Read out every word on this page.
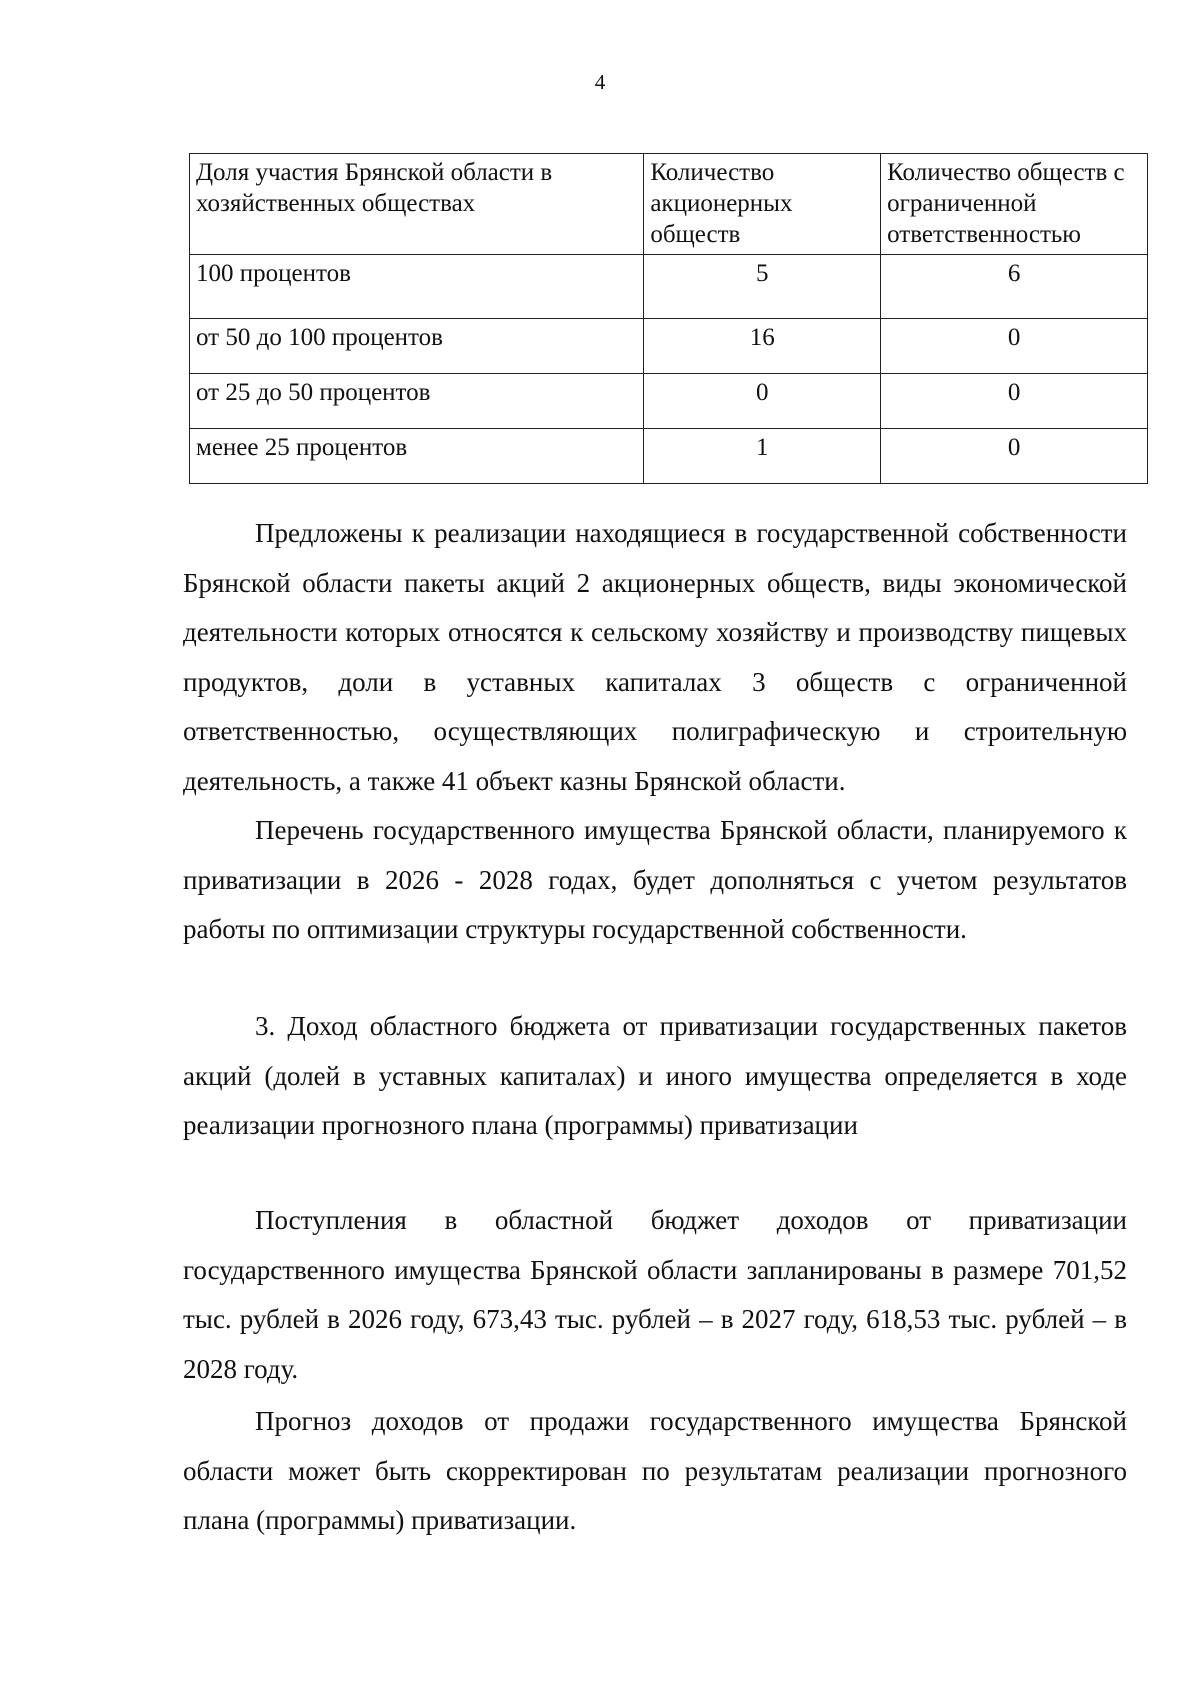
4
Доля участия Брянской области в хозяйственных обществах	Количество акционерных обществ	Количество обществ с ограниченной ответственностью
100 процентов	5	6
от 50 до 100 процентов	16	0
от 25 до 50 процентов	0	0
менее 25 процентов	1	0

Предложены к реализации находящиеся в государственной собственности Брянской области пакеты акций 2 акционерных обществ, виды экономической деятельности которых относятся к сельскому хозяйству и производству пищевых продуктов, доли в уставных капиталах 3 обществ с ограниченной ответственностью, осуществляющих полиграфическую и строительную деятельность, а также 41 объект казны Брянской области.

Перечень государственного имущества Брянской области, планируемого к приватизации в 2026 - 2028 годах, будет дополняться с учетом результатов работы по оптимизации структуры государственной собственности.

3. Доход областного бюджета от приватизации государственных пакетов акций (долей в уставных капиталах) и иного имущества определяется в ходе реализации прогнозного плана (программы) приватизации

Поступления в областной бюджет доходов от приватизации государственного имущества Брянской области запланированы в размере 701,52 тыс. рублей в 2026 году, 673,43 тыс. рублей – в 2027 году, 618,53 тыс. рублей – в 2028 году.

Прогноз доходов от продажи государственного имущества Брянской области может быть скорректирован по результатам реализации прогнозного плана (программы) приватизации.
